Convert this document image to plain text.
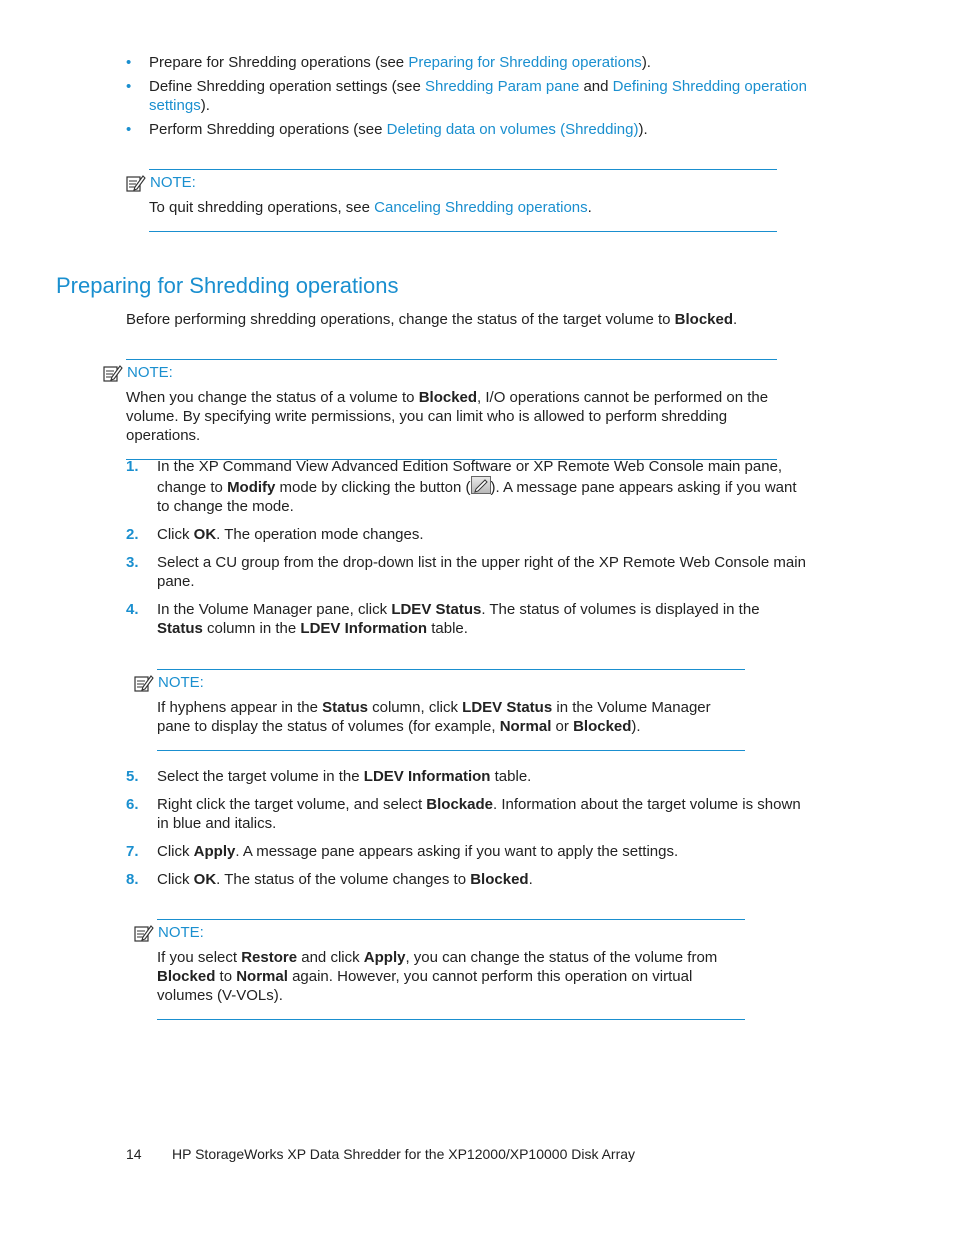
• Prepare for Shredding operations (see Preparing for Shredding operations).
• Define Shredding operation settings (see Shredding Param pane and Defining Shredding operation settings).
• Perform Shredding operations (see Deleting data on volumes (Shredding)).
NOTE:
To quit shredding operations, see Canceling Shredding operations.
Preparing for Shredding operations
Before performing shredding operations, change the status of the target volume to Blocked.
NOTE:
When you change the status of a volume to Blocked, I/O operations cannot be performed on the volume. By specifying write permissions, you can limit who is allowed to perform shredding operations.
1. In the XP Command View Advanced Edition Software or XP Remote Web Console main pane, change to Modify mode by clicking the button ( ). A message pane appears asking if you want to change the mode.
2. Click OK. The operation mode changes.
3. Select a CU group from the drop-down list in the upper right of the XP Remote Web Console main pane.
4. In the Volume Manager pane, click LDEV Status. The status of volumes is displayed in the Status column in the LDEV Information table.
NOTE:
If hyphens appear in the Status column, click LDEV Status in the Volume Manager pane to display the status of volumes (for example, Normal or Blocked).
5. Select the target volume in the LDEV Information table.
6. Right click the target volume, and select Blockade. Information about the target volume is shown in blue and italics.
7. Click Apply. A message pane appears asking if you want to apply the settings.
8. Click OK. The status of the volume changes to Blocked.
NOTE:
If you select Restore and click Apply, you can change the status of the volume from Blocked to Normal again. However, you cannot perform this operation on virtual volumes (V-VOLs).
14 HP StorageWorks XP Data Shredder for the XP12000/XP10000 Disk Array
